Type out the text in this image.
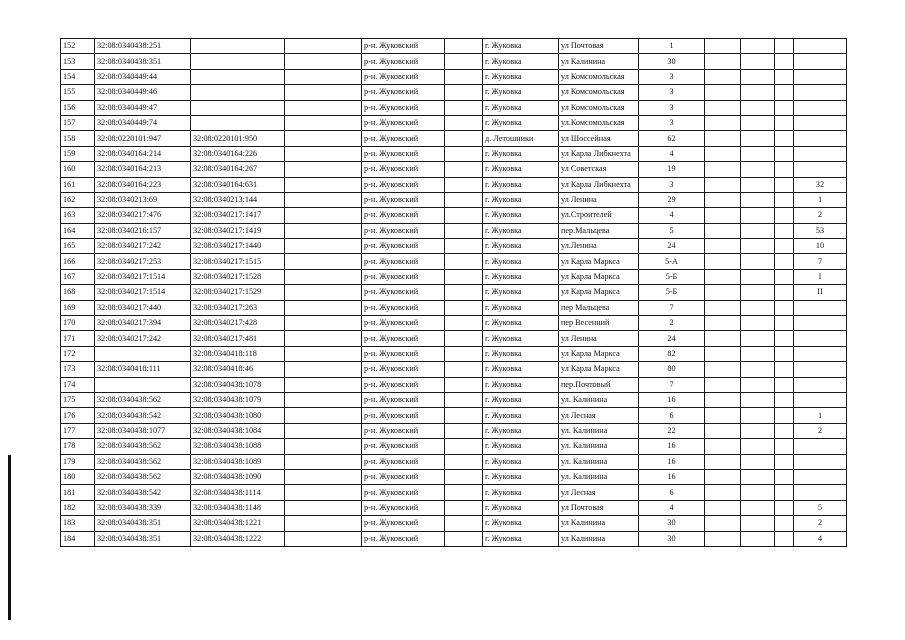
152	32:08:0340438:251			р-н. Жуковский		г. Жуковка	ул Почтовая	1				
153	32:08:0340438:351			р-н. Жуковский		г. Жуковка	ул Калинина	30				
154	32:08:0340449:44			р-н. Жуковский		г. Жуковка	ул Комсомольская	3				
155	32:08:0340449:46			р-н. Жуковский		г. Жуковка	ул Комсомольская	3				
156	32:08:0340449:47			р-н. Жуковский		г. Жуковка	ул Комсомольская	3				
157	32:08:0340449:74			р-н. Жуковский		г. Жуковка	ул.Комсомольская	3				
158	32:08:0220101:947	32:08:0220101:950		р-н. Жуковский		д. Летошники	ул Шоссейная	62				
159	32:08:0340164:214	32:08:0340164:226		р-н. Жуковский		г. Жуковка	ул Карла Либкнехта	4				
160	32:08:0340164:213	32:08:0340164:267		р-н. Жуковский		г. Жуковка	ул Советская	19				
161	32:08:0340164:223	32:08:0340164:631		р-н. Жуковский		г. Жуковка	ул Карла Либкнехта	3				32
162	32:08:0340213:69	32:08:0340213:144		р-н. Жуковский		г. Жуковка	ул Ленина	29				1
163	32:08:0340217:476	32:08:0340217:1417		р-н. Жуковский		г. Жуковка	ул.Строителей	4				2
164	32:08:0340216:157	32:08:0340217:1419		р-н. Жуковский		г. Жуковка	пер.Мальцева	5				53
165	32:08:0340217:242	32:08:0340217:1440		р-н. Жуковский		г. Жуковка	ул.Ленина	24				10
166	32:08:0340217:253	32:08:0340217:1515		р-н. Жуковский		г. Жуковка	ул Карла Маркса	5-А				7
167	32:08:0340217:1514	32:08:0340217:1528		р-н. Жуковский		г. Жуковка	ул Карла Маркса	5-Б				I
168	32:08:0340217:1514	32:08:0340217:1529		р-н. Жуковский		г. Жуковка	ул Карла Маркса	5-Б				II
169	32:08:0340217:440	32:08:0340217:263		р-н. Жуковский		г. Жуковка	пер Мальцева	7				
170	32:08:0340217:394	32:08:0340217:428		р-н. Жуковский		г. Жуковка	пер Весенний	2				
171	32:08:0340217:242	32:08:0340217:481		р-н. Жуковский		г. Жуковка	ул Ленина	24				
172		32:08:0340418:118		р-н. Жуковский		г. Жуковка	ул Карла Маркса	82				
173	32:08:0340418:111	32:08:0340418:46		р-н. Жуковский		г. Жуковка	ул Карла Маркса	80				
174		32:08:0340438:1078		р-н. Жуковский		г. Жуковка	пер.Почтовый	7				
175	32:08:0340438:562	32:08:0340438:1079		р-н. Жуковский		г. Жуковка	ул. Калинина	16				
176	32:08:0340438:542	32:08:0340438:1080		р-н. Жуковский		г. Жуковка	ул Лесная	6				1
177	32:08:0340438:1077	32:08:0340438:1084		р-н. Жуковский		г. Жуковка	ул. Калинина	22				2
178	32:08:0340438:562	32:08:0340438:1088		р-н. Жуковский		г. Жуковка	ул. Калинина	16				
179	32:08:0340438:562	32:08:0340438:1089		р-н. Жуковский		г. Жуковка	ул. Калинина	16				
180	32:08:0340438:562	32:08:0340438:1090		р-н. Жуковский		г. Жуковка	ул. Калинина	16				
181	32:08:0340438:542	32:08:0340438:1114		р-н. Жуковский		г. Жуковка	ул Лесная	6				
182	32:08:0340438:339	32:08:0340438:1148		р-н. Жуковский		г. Жуковка	ул Почтовая	4				5
183	32:08:0340438:351	32:08:0340438:1221		р-н. Жуковский		г. Жуковка	ул Калинина	30				2
184	32:08:0340438:351	32:08:0340438:1222		р-н. Жуковский		г. Жуковка	ул Калинина	30				4
